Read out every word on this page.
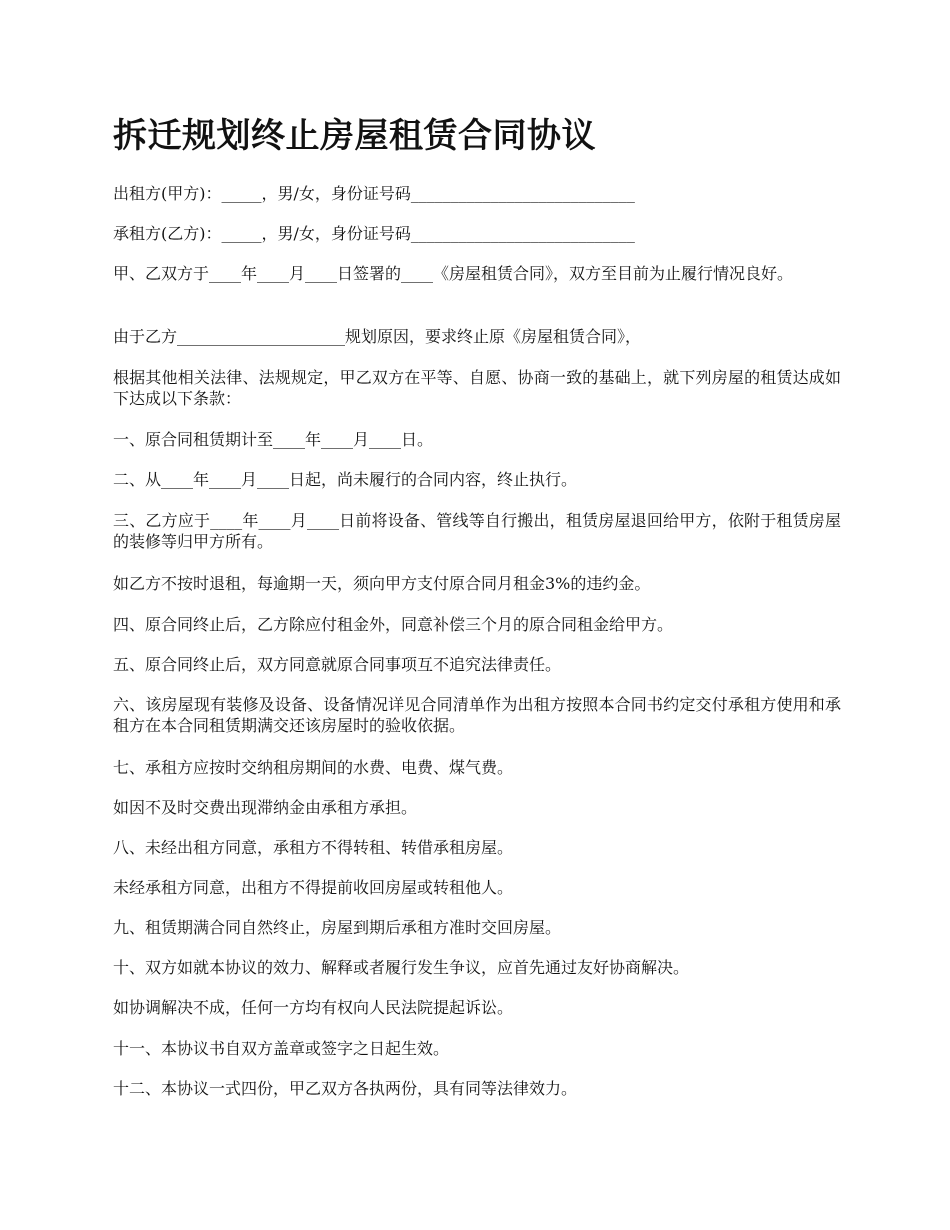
拆迁规划终止房屋租赁合同协议

出租方(甲方)：_____，男/女，身份证号码____________________________

承租方(乙方)：_____，男/女，身份证号码____________________________

甲、乙双方于____年____月____日签署的____《房屋租赁合同》，双方至目前为止履行情况良好。

由于乙方_____________________规划原因，要求终止原《房屋租赁合同》，

根据其他相关法律、法规规定，甲乙双方在平等、自愿、协商一致的基础上，就下列房屋的租赁达成如下达成以下条款：

一、原合同租赁期计至____年____月____日。

二、从____年____月____日起，尚未履行的合同内容，终止执行。

三、乙方应于____年____月____日前将设备、管线等自行搬出，租赁房屋退回给甲方，依附于租赁房屋的装修等归甲方所有。

如乙方不按时退租，每逾期一天，须向甲方支付原合同月租金3%的违约金。

四、原合同终止后，乙方除应付租金外，同意补偿三个月的原合同租金给甲方。

五、原合同终止后，双方同意就原合同事项互不追究法律责任。

六、该房屋现有装修及设备、设备情况详见合同清单作为出租方按照本合同书约定交付承租方使用和承租方在本合同租赁期满交还该房屋时的验收依据。

七、承租方应按时交纳租房期间的水费、电费、煤气费。

如因不及时交费出现滞纳金由承租方承担。

八、未经出租方同意，承租方不得转租、转借承租房屋。

未经承租方同意，出租方不得提前收回房屋或转租他人。

九、租赁期满合同自然终止，房屋到期后承租方准时交回房屋。

十、双方如就本协议的效力、解释或者履行发生争议，应首先通过友好协商解决。

如协调解决不成，任何一方均有权向人民法院提起诉讼。

十一、本协议书自双方盖章或签字之日起生效。

十二、本协议一式四份，甲乙双方各执两份，具有同等法律效力。
